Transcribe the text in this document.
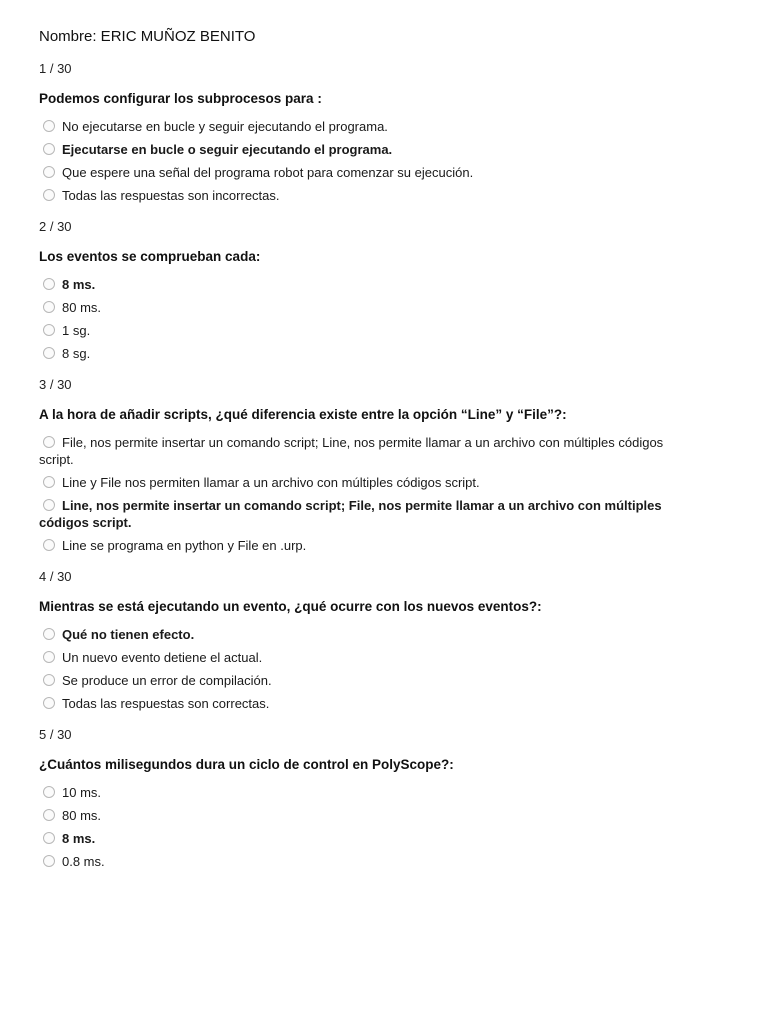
Nombre: ERIC MUÑOZ BENITO
1 / 30
Podemos configurar los subprocesos para :
No ejecutarse en bucle y seguir ejecutando el programa.
Ejecutarse en bucle o seguir ejecutando el programa.
Que espere una señal del programa robot para comenzar su ejecución.
Todas las respuestas son incorrectas.
2 / 30
Los eventos se comprueban cada:
8 ms.
80 ms.
1 sg.
8 sg.
3 / 30
A la hora de añadir scripts, ¿qué diferencia existe entre la opción “Line” y “File”?:
File, nos permite insertar un comando script; Line, nos permite llamar a un archivo con múltiples códigos script.
Line y File nos permiten llamar a un archivo con múltiples códigos script.
Line, nos permite insertar un comando script; File, nos permite llamar a un archivo con múltiples códigos script.
Line se programa en python y File en .urp.
4 / 30
Mientras se está ejecutando un evento, ¿qué ocurre con los nuevos eventos?:
Qué no tienen efecto.
Un nuevo evento detiene el actual.
Se produce un error de compilación.
Todas las respuestas son correctas.
5 / 30
¿Cuántos milisegundos dura un ciclo de control en PolyScope?:
10 ms.
80 ms.
8 ms.
0.8 ms.
